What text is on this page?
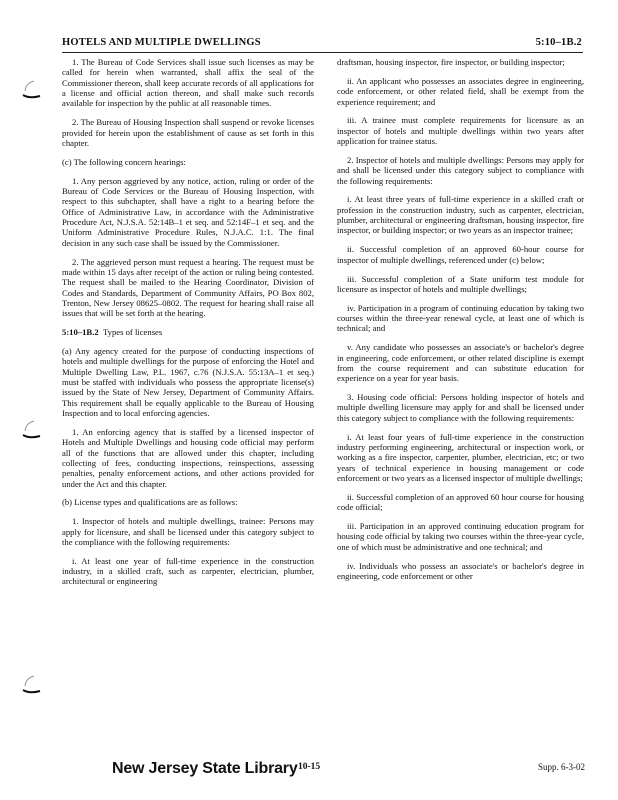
HOTELS AND MULTIPLE DWELLINGS	5:10–1B.2

1. The Bureau of Code Services shall issue such licenses as may be called for herein when warranted, shall affix the seal of the Commissioner thereon, shall keep accurate records of all applications for a license and official action thereon, and shall make such records available for inspection by the public at all reasonable times.

2. The Bureau of Housing Inspection shall suspend or revoke licenses provided for herein upon the establishment of cause as set forth in this chapter.

(c) The following concern hearings:

1. Any person aggrieved by any notice, action, ruling or order of the Bureau of Code Services or the Bureau of Housing Inspection, with respect to this subchapter, shall have a right to a hearing before the Office of Administrative Law, in accordance with the Administrative Procedure Act, N.J.S.A. 52:14B–1 et seq. and 52:14F–1 et seq. and the Uniform Administrative Procedure Rules, N.J.A.C. 1:1. The final decision in any such case shall be issued by the Commissioner.

2. The aggrieved person must request a hearing. The request must be made within 15 days after receipt of the action or ruling being contested. The request shall be mailed to the Hearing Coordinator, Division of Codes and Standards, Department of Community Affairs, PO Box 802, Trenton, New Jersey 08625–0802. The request for hearing shall raise all issues that will be set forth at the hearing.

5:10–1B.2 Types of licenses

(a) Any agency created for the purpose of conducting inspections of hotels and multiple dwellings for the purpose of enforcing the Hotel and Multiple Dwelling Law, P.L. 1967, c.76 (N.J.S.A. 55:13A–1 et seq.) must be staffed with individuals who possess the appropriate license(s) issued by the State of New Jersey, Department of Community Affairs. This requirement shall be equally applicable to the Bureau of Housing Inspection and to local enforcing agencies.

1. An enforcing agency that is staffed by a licensed inspector of Hotels and Multiple Dwellings and housing code official may perform all of the functions that are allowed under this chapter, including collecting of fees, conducting inspections, reinspections, assessing penalties, penalty enforcement actions, and other actions provided for under the Act and this chapter.

(b) License types and qualifications are as follows:

1. Inspector of hotels and multiple dwellings, trainee: Persons may apply for licensure, and shall be licensed under this category subject to the compliance with the following requirements:

i. At least one year of full-time experience in the construction industry, in a skilled craft, such as carpenter, electrician, plumber, architectural or engineering

draftsman, housing inspector, fire inspector, or building inspector;

ii. An applicant who possesses an associates degree in engineering, code enforcement, or other related field, shall be exempt from the experience requirement; and

iii. A trainee must complete requirements for licensure as an inspector of hotels and multiple dwellings within two years after application for trainee status.

2. Inspector of hotels and multiple dwellings: Persons may apply for and shall be licensed under this category subject to compliance with the following requirements:

i. At least three years of full-time experience in a skilled craft or profession in the construction industry, such as carpenter, electrician, plumber, architectural or engineering draftsman, housing inspector, fire inspector, or building inspector; or two years as an inspector trainee;

ii. Successful completion of an approved 60-hour course for inspector of multiple dwellings, referenced under (c) below;

iii. Successful completion of a State uniform test module for licensure as inspector of hotels and multiple dwellings;

iv. Participation in a program of continuing education by taking two courses within the three-year renewal cycle, at least one of which is technical; and

v. Any candidate who possesses an associate's or bachelor's degree in engineering, code enforcement, or other related discipline is exempt from the course requirement and can substitute education for experience on a year for year basis.

3. Housing code official: Persons holding inspector of hotels and multiple dwelling licensure may apply for and shall be licensed under this category subject to compliance with the following requirements:

i. At least four years of full-time experience in the construction industry performing engineering, architectural or inspection work, or working as a fire inspector, carpenter, plumber, electrician, etc; or two years of technical experience in housing management or code enforcement or two years as a licensed inspector of multiple dwellings;

ii. Successful completion of an approved 60 hour course for housing code official;

iii. Participation in an approved continuing education program for housing code official by taking two courses within the three-year cycle, one of which must be administrative and one technical; and

iv. Individuals who possess an associate's or bachelor's degree in engineering, code enforcement or other

New Jersey State Library 10-15	Supp. 6-3-02
